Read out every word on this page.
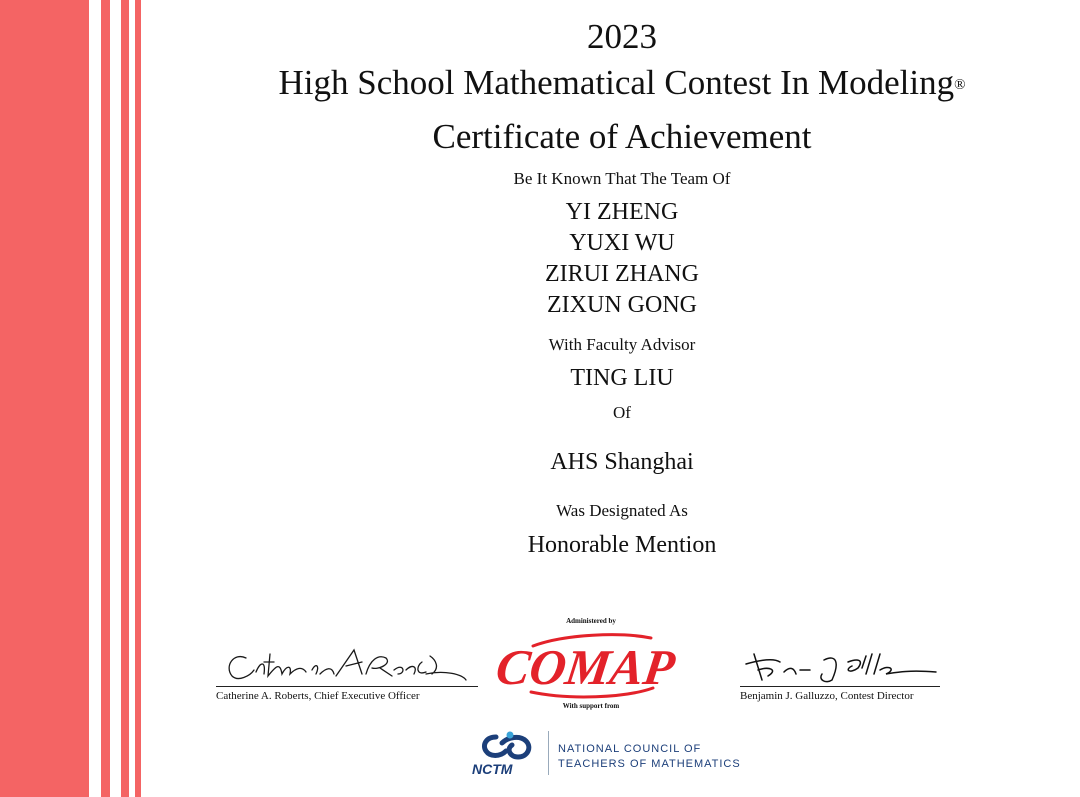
2023
High School Mathematical Contest In Modeling®
Certificate of Achievement
Be It Known That The Team Of
YI ZHENG
YUXI WU
ZIRUI ZHANG
ZIXUN GONG
With Faculty Advisor
TING LIU
Of
AHS Shanghai
Was Designated As
Honorable Mention
Catherine A. Roberts, Chief Executive Officer	Benjamin J. Galluzzo, Contest Director
Administered by
COMAP
With support from
NCTM
NATIONAL COUNCIL OF
TEACHERS OF MATHEMATICS
